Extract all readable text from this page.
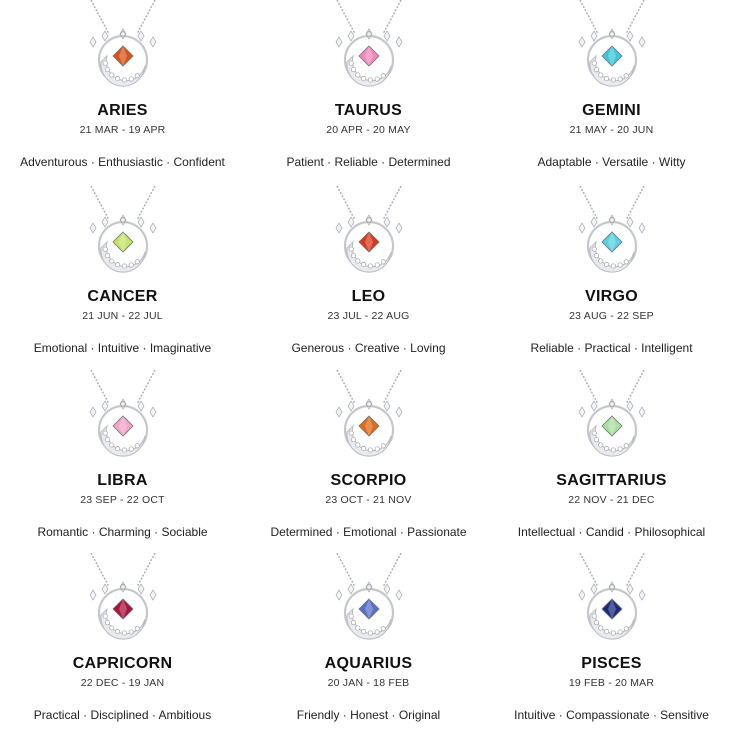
ARIES
21 MAR - 19 APR
Adventurous · Enthusiastic · Confident
TAURUS
20 APR - 20 MAY
Patient · Reliable · Determined
GEMINI
21 MAY - 20 JUN
Adaptable · Versatile · Witty
CANCER
21 JUN - 22 JUL
Emotional · Intuitive · Imaginative
LEO
23 JUL - 22 AUG
Generous · Creative · Loving
VIRGO
23 AUG - 22 SEP
Reliable · Practical · Intelligent
LIBRA
23 SEP - 22 OCT
Romantic · Charming · Sociable
SCORPIO
23 OCT - 21 NOV
Determined · Emotional · Passionate
SAGITTARIUS
22 NOV - 21 DEC
Intellectual · Candid · Philosophical
CAPRICORN
22 DEC - 19 JAN
Practical · Disciplined · Ambitious
AQUARIUS
20 JAN - 18 FEB
Friendly · Honest · Original
PISCES
19 FEB - 20 MAR
Intuitive · Compassionate · Sensitive
